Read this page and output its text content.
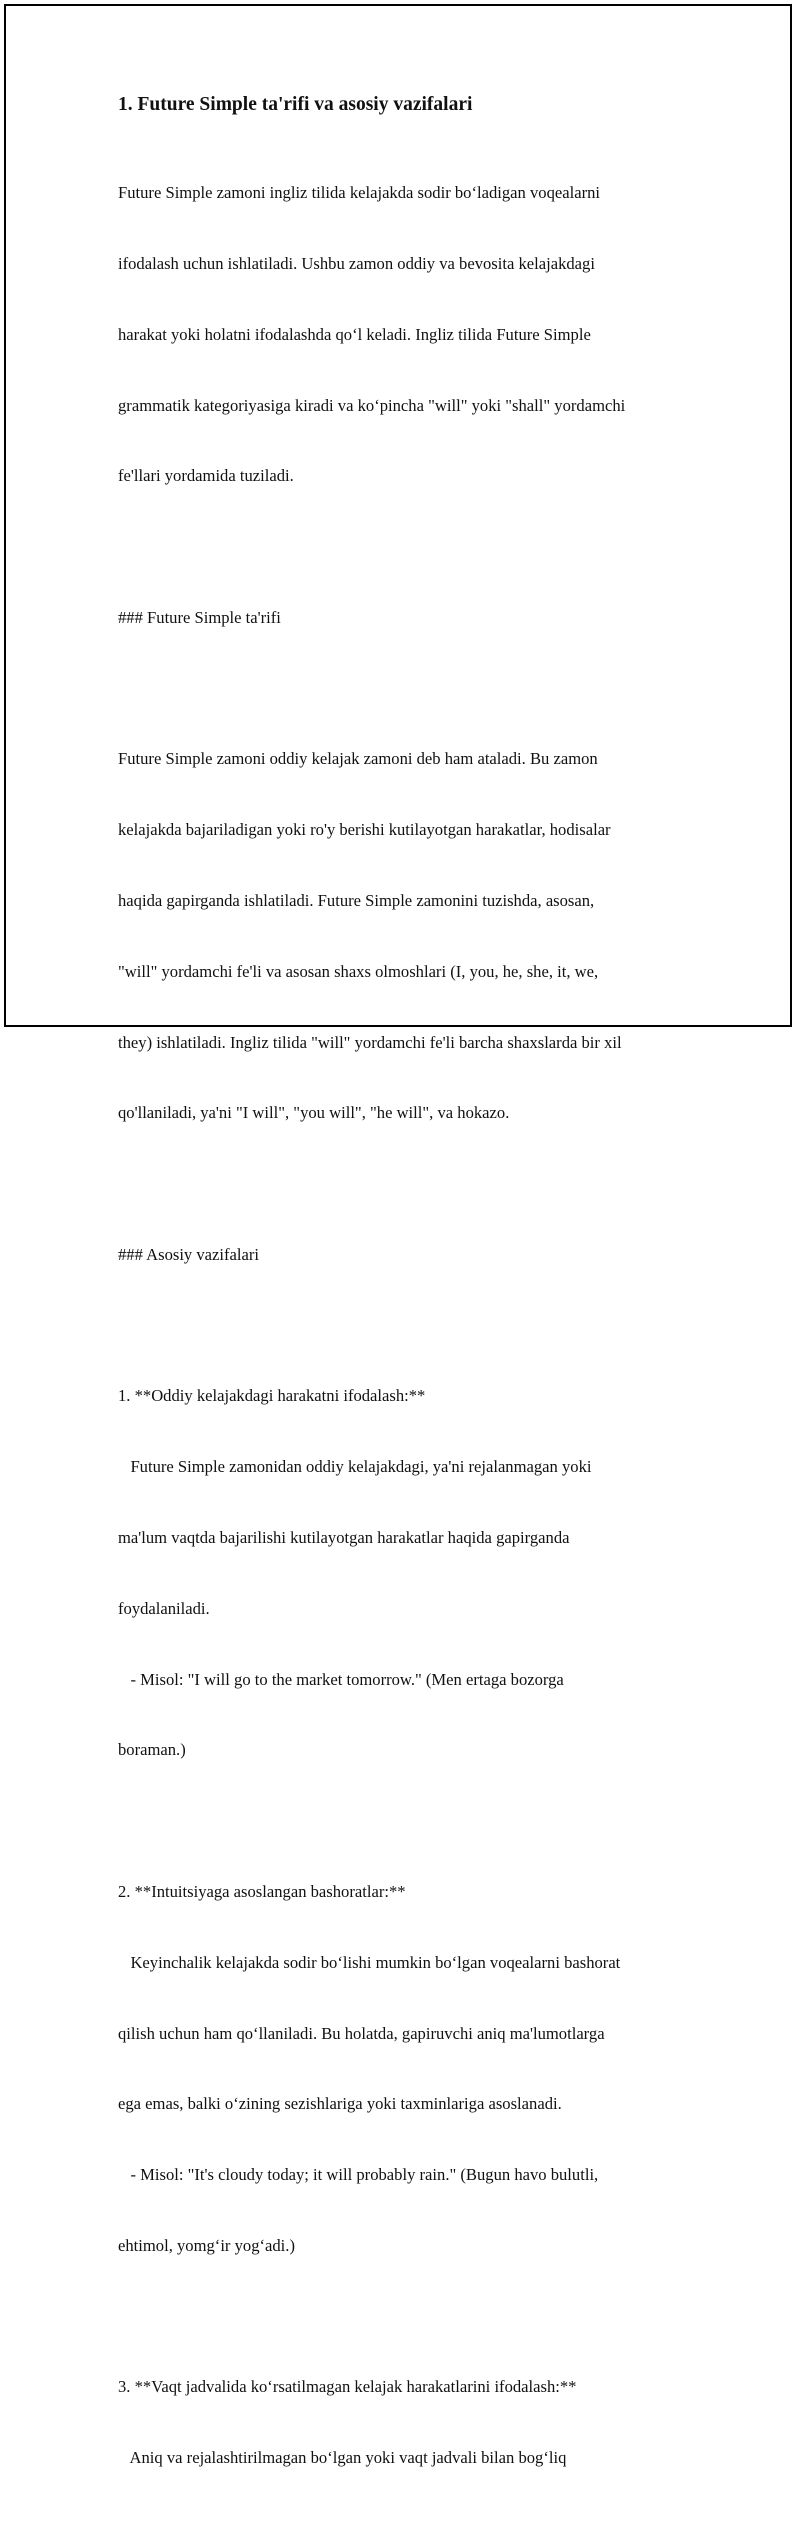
1. Future Simple ta'rifi va asosiy vazifalari

Future Simple zamoni ingliz tilida kelajakda sodir bo‘ladigan voqealarni

ifodalash uchun ishlatiladi. Ushbu zamon oddiy va bevosita kelajakdagi

harakat yoki holatni ifodalashda qo‘l keladi. Ingliz tilida Future Simple

grammatik kategoriyasiga kiradi va ko‘pincha "will" yoki "shall" yordamchi

fe'llari yordamida tuziladi.

### Future Simple ta'rifi

Future Simple zamoni oddiy kelajak zamoni deb ham ataladi. Bu zamon

kelajakda bajariladigan yoki ro'y berishi kutilayotgan harakatlar, hodisalar

haqida gapirganda ishlatiladi. Future Simple zamonini tuzishda, asosan,

"will" yordamchi fe'li va asosan shaxs olmoshlari (I, you, he, she, it, we,

they) ishlatiladi. Ingliz tilida "will" yordamchi fe'li barcha shaxslarda bir xil

qo'llaniladi, ya'ni "I will", "you will", "he will", va hokazo.

### Asosiy vazifalari

1. **Oddiy kelajakdagi harakatni ifodalash:**

Future Simple zamonidan oddiy kelajakdagi, ya'ni rejalanmagan yoki

ma'lum vaqtda bajarilishi kutilayotgan harakatlar haqida gapirganda

foydalaniladi.

- Misol: "I will go to the market tomorrow." (Men ertaga bozorga

boraman.)

2. **Intuitsiyaga asoslangan bashoratlar:**

Keyinchalik kelajakda sodir bo‘lishi mumkin bo‘lgan voqealarni bashorat

qilish uchun ham qo‘llaniladi. Bu holatda, gapiruvchi aniq ma'lumotlarga

ega emas, balki o‘zining sezishlariga yoki taxminlariga asoslanadi.

- Misol: "It's cloudy today; it will probably rain." (Bugun havo bulutli,

ehtimol, yomg‘ir yog‘adi.)

3. **Vaqt jadvalida ko‘rsatilmagan kelajak harakatlarini ifodalash:**

Aniq va rejalashtirilmagan bo‘lgan yoki vaqt jadvali bilan bog‘liq
